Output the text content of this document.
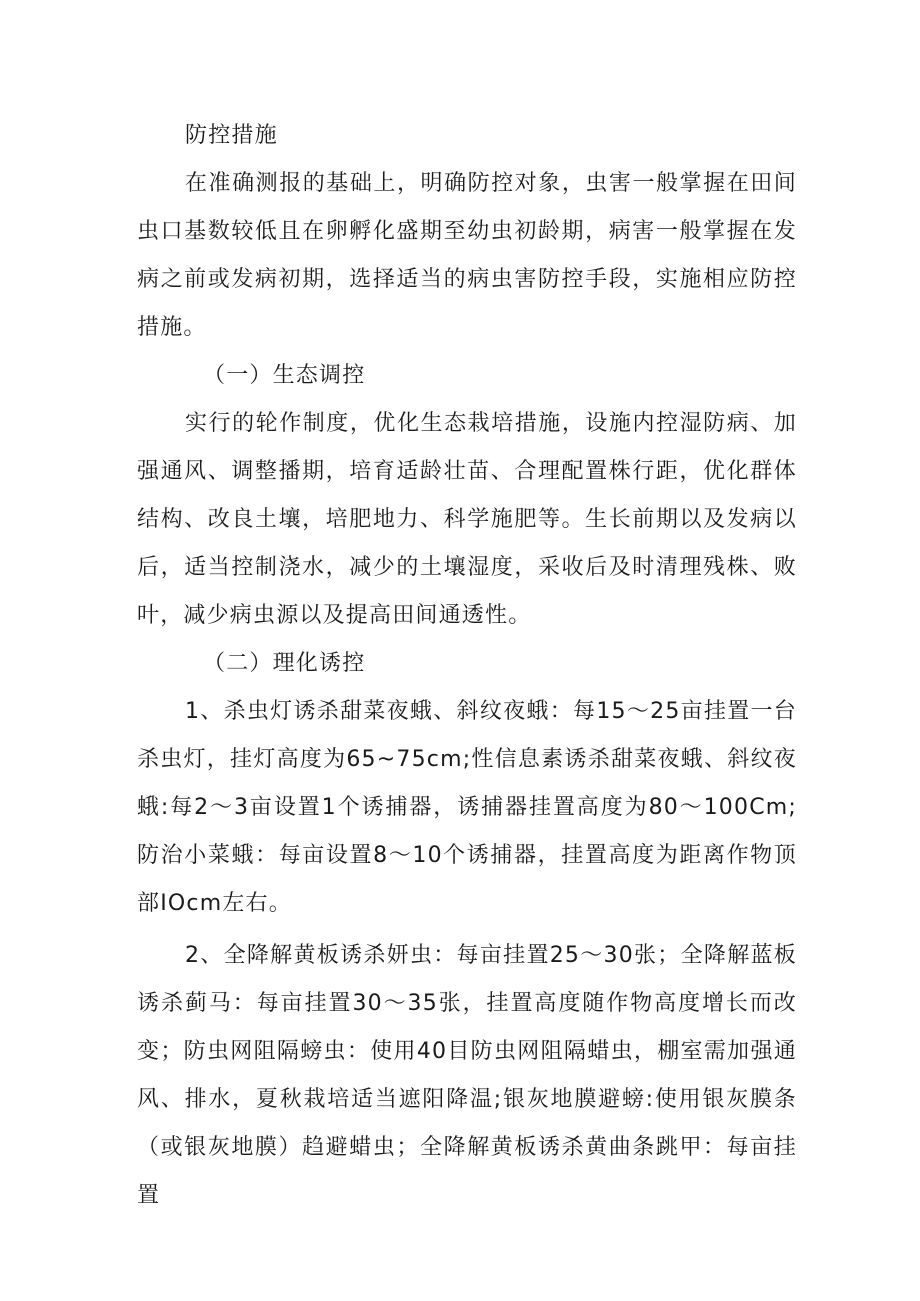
防控措施

在准确测报的基础上，明确防控对象，虫害一般掌握在田间虫口基数较低且在卵孵化盛期至幼虫初龄期，病害一般掌握在发病之前或发病初期，选择适当的病虫害防控手段，实施相应防控措施。

（一）生态调控

实行的轮作制度，优化生态栽培措施，设施内控湿防病、加强通风、调整播期，培育适龄壮苗、合理配置株行距，优化群体结构、改良土壤，培肥地力、科学施肥等。生长前期以及发病以后，适当控制浇水，减少的土壤湿度，采收后及时清理残株、败叶，减少病虫源以及提高田间通透性。

（二）理化诱控

1、杀虫灯诱杀甜菜夜蛾、斜纹夜蛾：每15〜25亩挂置一台杀虫灯，挂灯高度为65~75cm;性信息素诱杀甜菜夜蛾、斜纹夜蛾:每2〜3亩设置1个诱捕器，诱捕器挂置高度为80〜100Cm;防治小菜蛾：每亩设置8〜10个诱捕器，挂置高度为距离作物顶部IOcm左右。

2、全降解黄板诱杀妍虫：每亩挂置25〜30张；全降解蓝板诱杀蓟马：每亩挂置30〜35张，挂置高度随作物高度增长而改变；防虫网阻隔螃虫：使用40目防虫网阻隔蜡虫，棚室需加强通风、排水，夏秋栽培适当遮阳降温;银灰地膜避螃:使用银灰膜条（或银灰地膜）趋避蜡虫；全降解黄板诱杀黄曲条跳甲：每亩挂置
